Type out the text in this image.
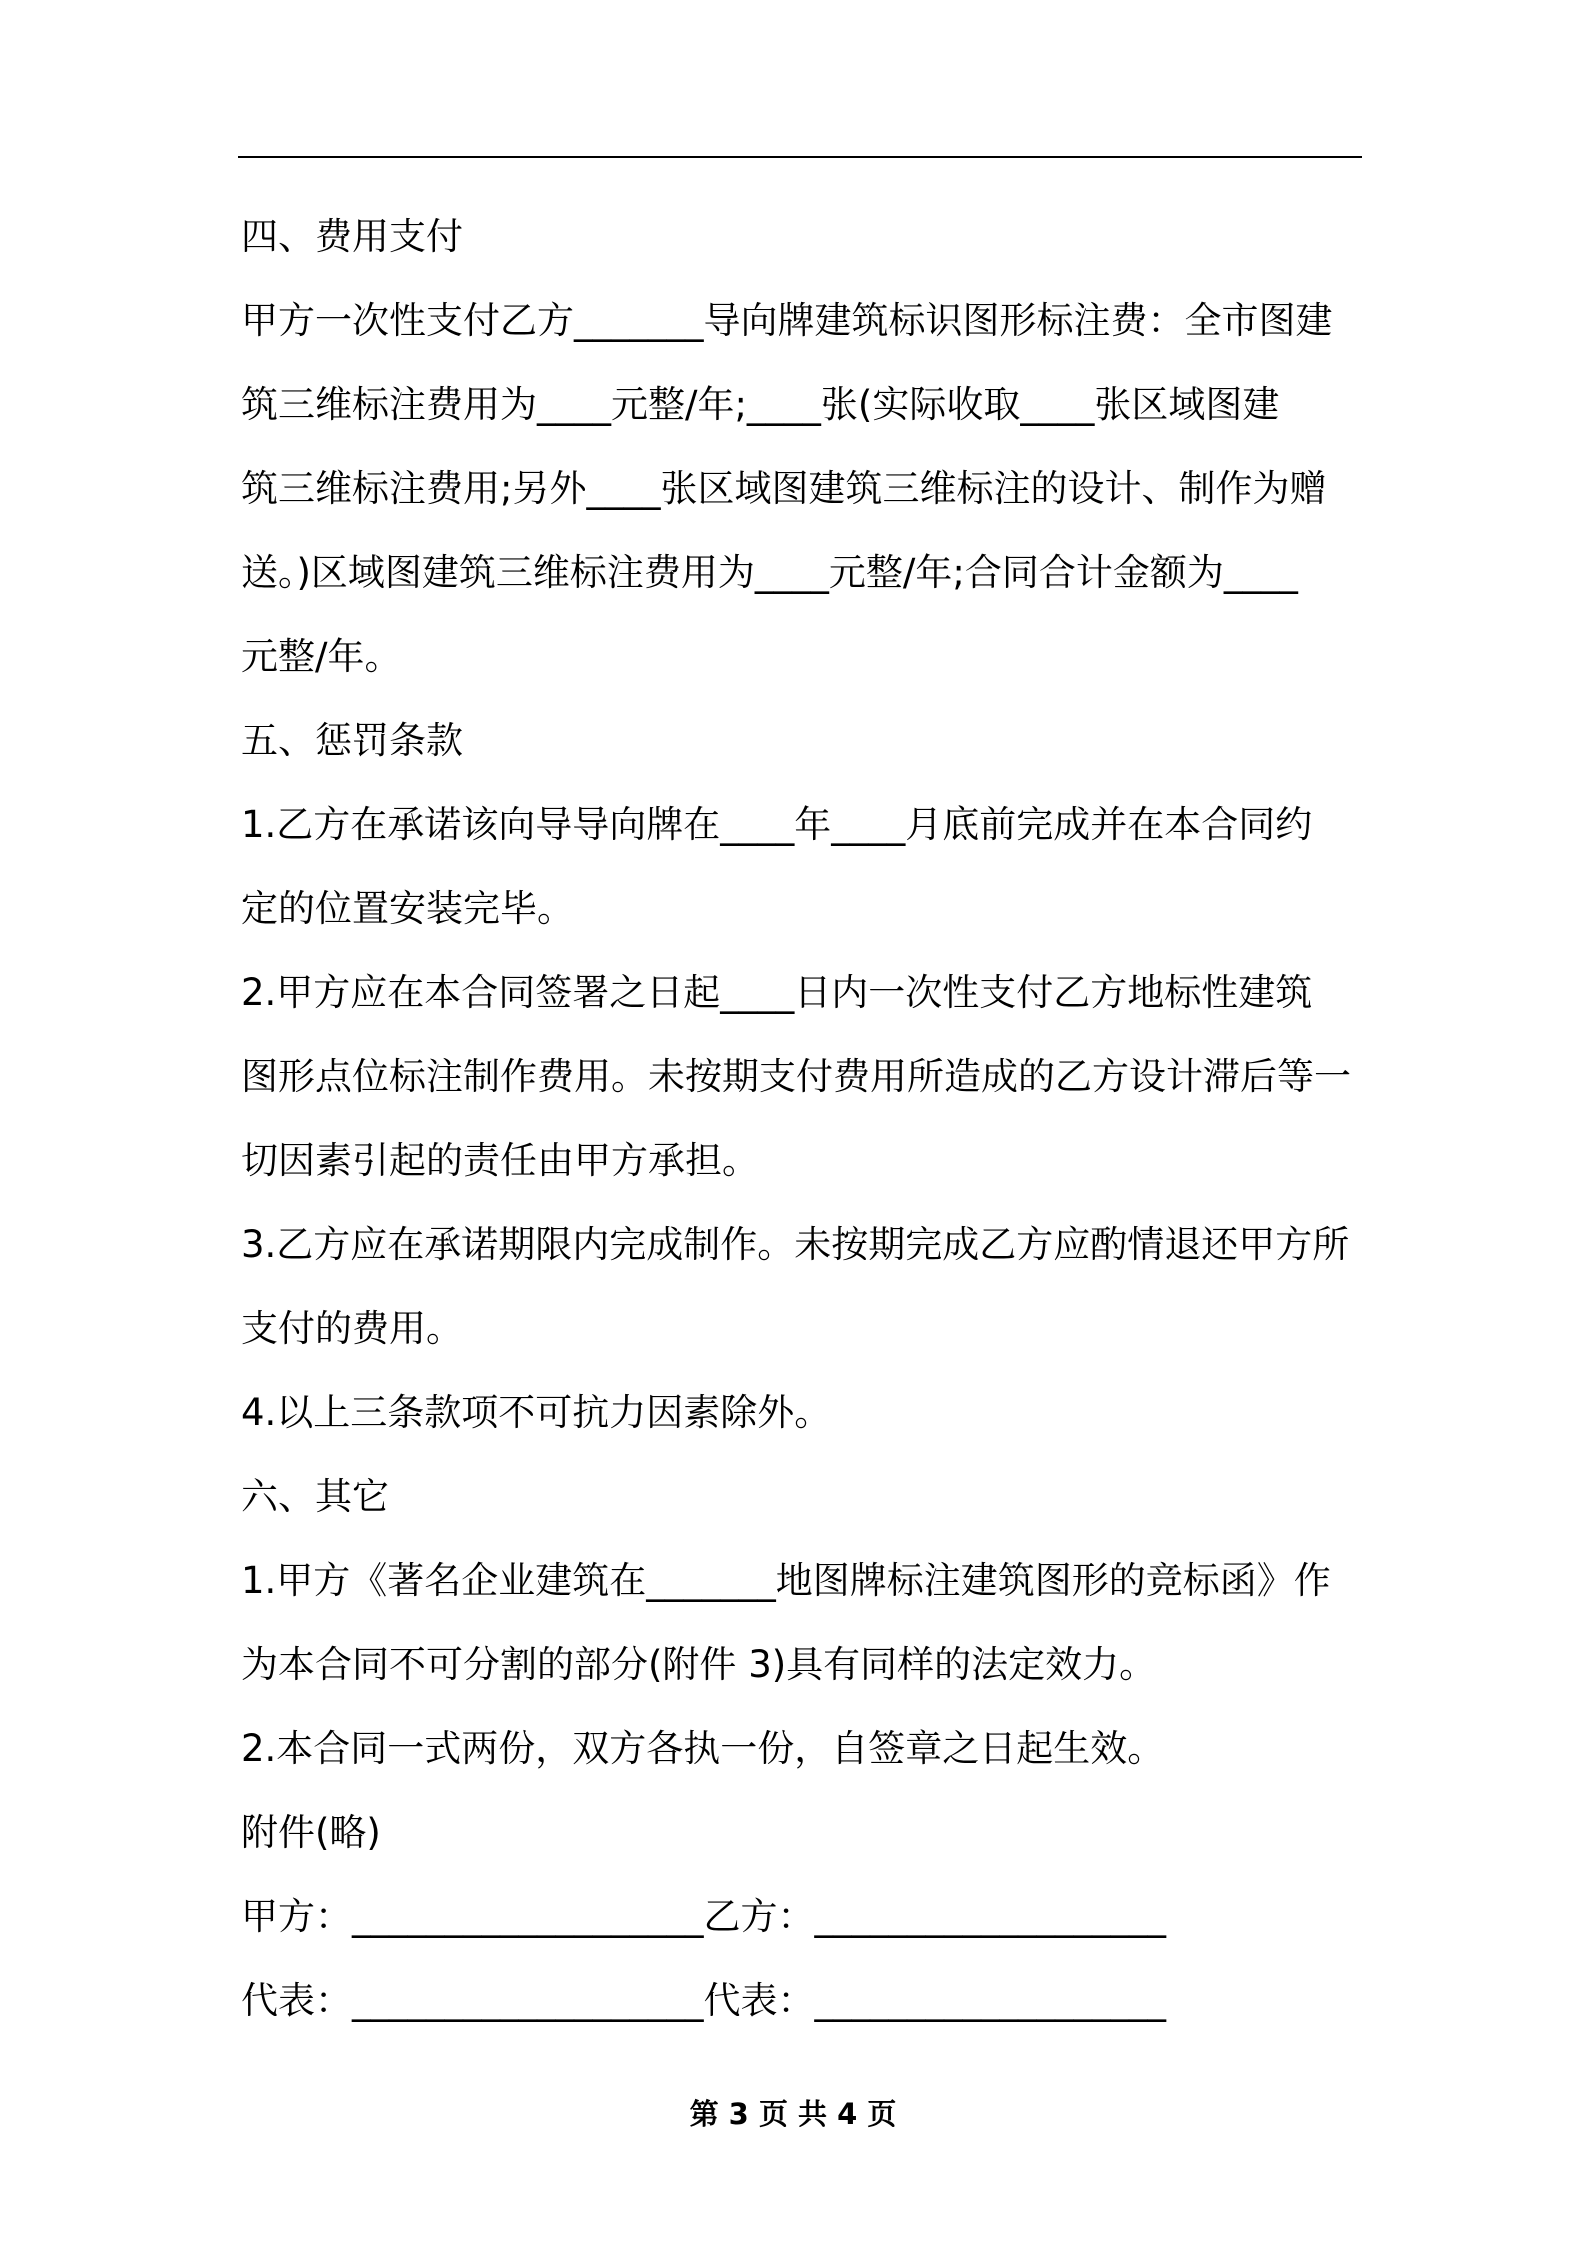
四、费用支付

甲方一次性支付乙方_______导向牌建筑标识图形标注费：全市图建

筑三维标注费用为____元整/年;____张(实际收取____张区域图建

筑三维标注费用;另外____张区域图建筑三维标注的设计、制作为赠

送。)区域图建筑三维标注费用为____元整/年;合同合计金额为____

元整/年。

五、惩罚条款

1.乙方在承诺该向导导向牌在____年____月底前完成并在本合同约

定的位置安装完毕。

2.甲方应在本合同签署之日起____日内一次性支付乙方地标性建筑

图形点位标注制作费用。未按期支付费用所造成的乙方设计滞后等一

切因素引起的责任由甲方承担。

3.乙方应在承诺期限内完成制作。未按期完成乙方应酌情退还甲方所

支付的费用。

4.以上三条款项不可抗力因素除外。

六、其它

1.甲方《著名企业建筑在_______地图牌标注建筑图形的竞标函》作

为本合同不可分割的部分(附件 3)具有同样的法定效力。

2.本合同一式两份，双方各执一份，自签章之日起生效。

附件(略)

甲方：___________________乙方：___________________

代表：___________________代表：___________________

第 3 页 共 4 页
